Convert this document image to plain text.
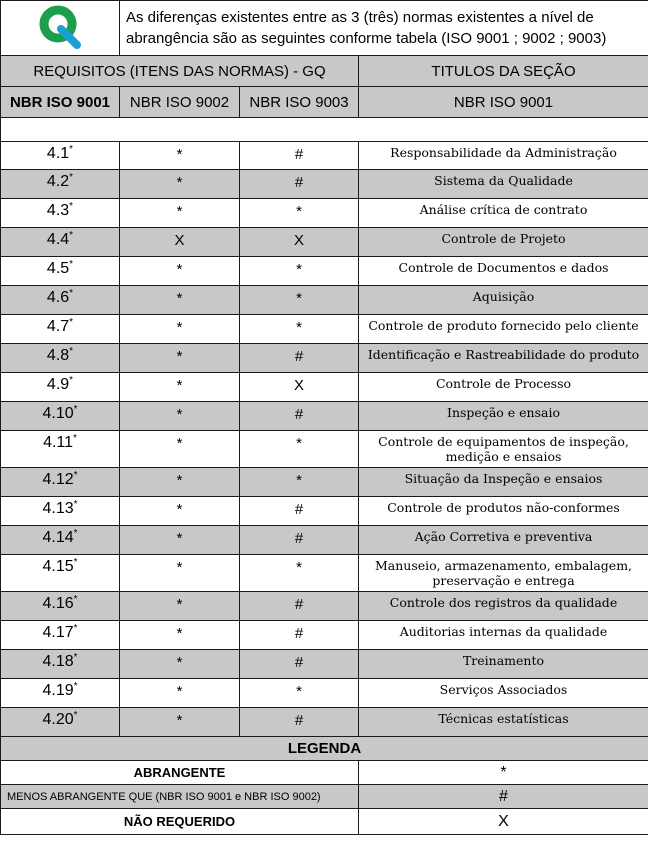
	As diferenças existentes entre as 3 (três) normas existentes a nível de abrangência são as seguintes conforme tabela (ISO 9001 ; 9002 ; 9003)		
REQUISITOS (ITENS DAS NORMAS) - GQ			TITULOS DA SEÇÃO
NBR ISO 9001	NBR ISO 9002	NBR ISO 9003	NBR ISO 9001

4.1*	*	#	Responsabilidade da Administração
4.2*	*	#	Sistema da Qualidade
4.3*	*	*	Análise crítica de contrato
4.4*	X	X	Controle de Projeto
4.5*	*	*	Controle de Documentos e dados
4.6*	*	*	Aquisição
4.7*	*	*	Controle de produto fornecido pelo cliente
4.8*	*	#	Identificação e Rastreabilidade do produto
4.9*	*	X	Controle de Processo
4.10*	*	#	Inspeção e ensaio
4.11*	*	*	Controle de equipamentos de inspeção, medição e ensaios
4.12*	*	*	Situação da Inspeção e ensaios
4.13*	*	#	Controle de produtos não-conformes
4.14*	*	#	Ação Corretiva e preventiva
4.15*	*	*	Manuseio, armazenamento, embalagem, preservação e entrega
4.16*	*	#	Controle dos registros da qualidade
4.17*	*	#	Auditorias internas da qualidade
4.18*	*	#	Treinamento
4.19*	*	*	Serviços Associados
4.20*	*	#	Técnicas estatísticas
LEGENDA			
ABRANGENTE			*
MENOS ABRANGENTE QUE (NBR ISO 9001 e NBR ISO 9002)			#
NÃO REQUERIDO			X
